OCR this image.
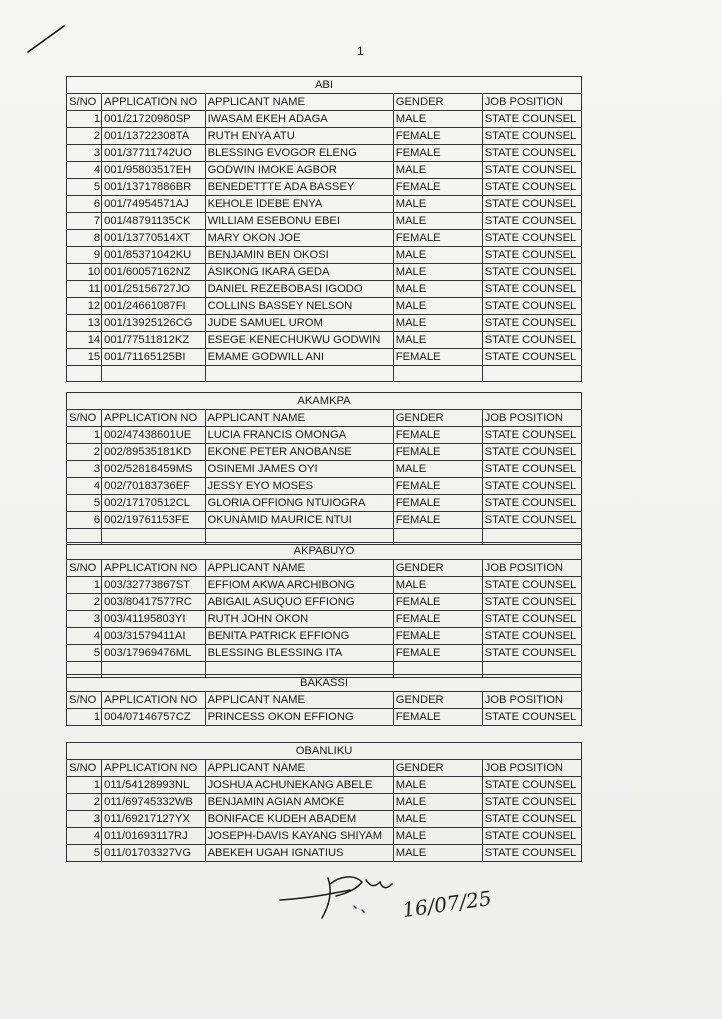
1
ABI				
S/NO	APPLICATION NO	APPLICANT NAME	GENDER	JOB POSITION
1	001/21720980SP	IWASAM EKEH ADAGA	MALE	STATE COUNSEL
2	001/13722308TA	RUTH ENYA ATU	FEMALE	STATE COUNSEL
3	001/37711742UO	BLESSING EVOGOR ELENG	FEMALE	STATE COUNSEL
4	001/95803517EH	GODWIN IMOKE AGBOR	MALE	STATE COUNSEL
5	001/13717886BR	BENEDETTTE ADA BASSEY	FEMALE	STATE COUNSEL
6	001/74954571AJ	KEHOLE IDEBE ENYA	MALE	STATE COUNSEL
7	001/48791135CK	WILLIAM ESEBONU EBEI	MALE	STATE COUNSEL
8	001/13770514XT	MARY OKON JOE	FEMALE	STATE COUNSEL
9	001/85371042KU	BENJAMIN BEN OKOSI	MALE	STATE COUNSEL
10	001/60057162NZ	ASIKONG IKARA GEDA	MALE	STATE COUNSEL
11	001/25156727JO	DANIEL REZEBOBASI IGODO	MALE	STATE COUNSEL
12	001/24661087FI	COLLINS BASSEY NELSON	MALE	STATE COUNSEL
13	001/13925126CG	JUDE SAMUEL UROM	MALE	STATE COUNSEL
14	001/77511812KZ	ESEGE KENECHUKWU GODWIN	MALE	STATE COUNSEL
15	001/71165125BI	EMAME GODWILL ANI	FEMALE	STATE COUNSEL

AKAMKPA				
S/NO	APPLICATION NO	APPLICANT NAME	GENDER	JOB POSITION
1	002/47438601UE	LUCIA FRANCIS OMONGA	FEMALE	STATE COUNSEL
2	002/89535181KD	EKONE PETER ANOBANSE	FEMALE	STATE COUNSEL
3	002/52818459MS	OSINEMI JAMES OYI	MALE	STATE COUNSEL
4	002/70183736EF	JESSY EYO MOSES	FEMALE	STATE COUNSEL
5	002/17170512CL	GLORIA OFFIONG NTUIOGRA	FEMALE	STATE COUNSEL
6	002/19761153FE	OKUNAMID MAURICE NTUI	FEMALE	STATE COUNSEL

AKPABUYO				
S/NO	APPLICATION NO	APPLICANT NAME	GENDER	JOB POSITION
1	003/32773867ST	EFFIOM AKWA ARCHIBONG	MALE	STATE COUNSEL
2	003/80417577RC	ABIGAIL ASUQUO EFFIONG	FEMALE	STATE COUNSEL
3	003/41195803YI	RUTH JOHN OKON	FEMALE	STATE COUNSEL
4	003/31579411AI	BENITA PATRICK EFFIONG	FEMALE	STATE COUNSEL
5	003/17969476ML	BLESSING BLESSING ITA	FEMALE	STATE COUNSEL

BAKASSI				
S/NO	APPLICATION NO	APPLICANT NAME	GENDER	JOB POSITION
1	004/07146757CZ	PRINCESS OKON EFFIONG	FEMALE	STATE COUNSEL
OBANLIKU				
S/NO	APPLICATION NO	APPLICANT NAME	GENDER	JOB POSITION
1	011/54128993NL	JOSHUA ACHUNEKANG ABELE	MALE	STATE COUNSEL
2	011/69745332WB	BENJAMIN AGIAN AMOKE	MALE	STATE COUNSEL
3	011/69217127YX	BONIFACE KUDEH ABADEM	MALE	STATE COUNSEL
4	011/01693117RJ	JOSEPH-DAVIS KAYANG SHIYAM	MALE	STATE COUNSEL
5	011/01703327VG	ABEKEH UGAH IGNATIUS	MALE	STATE COUNSEL
16/07/25
